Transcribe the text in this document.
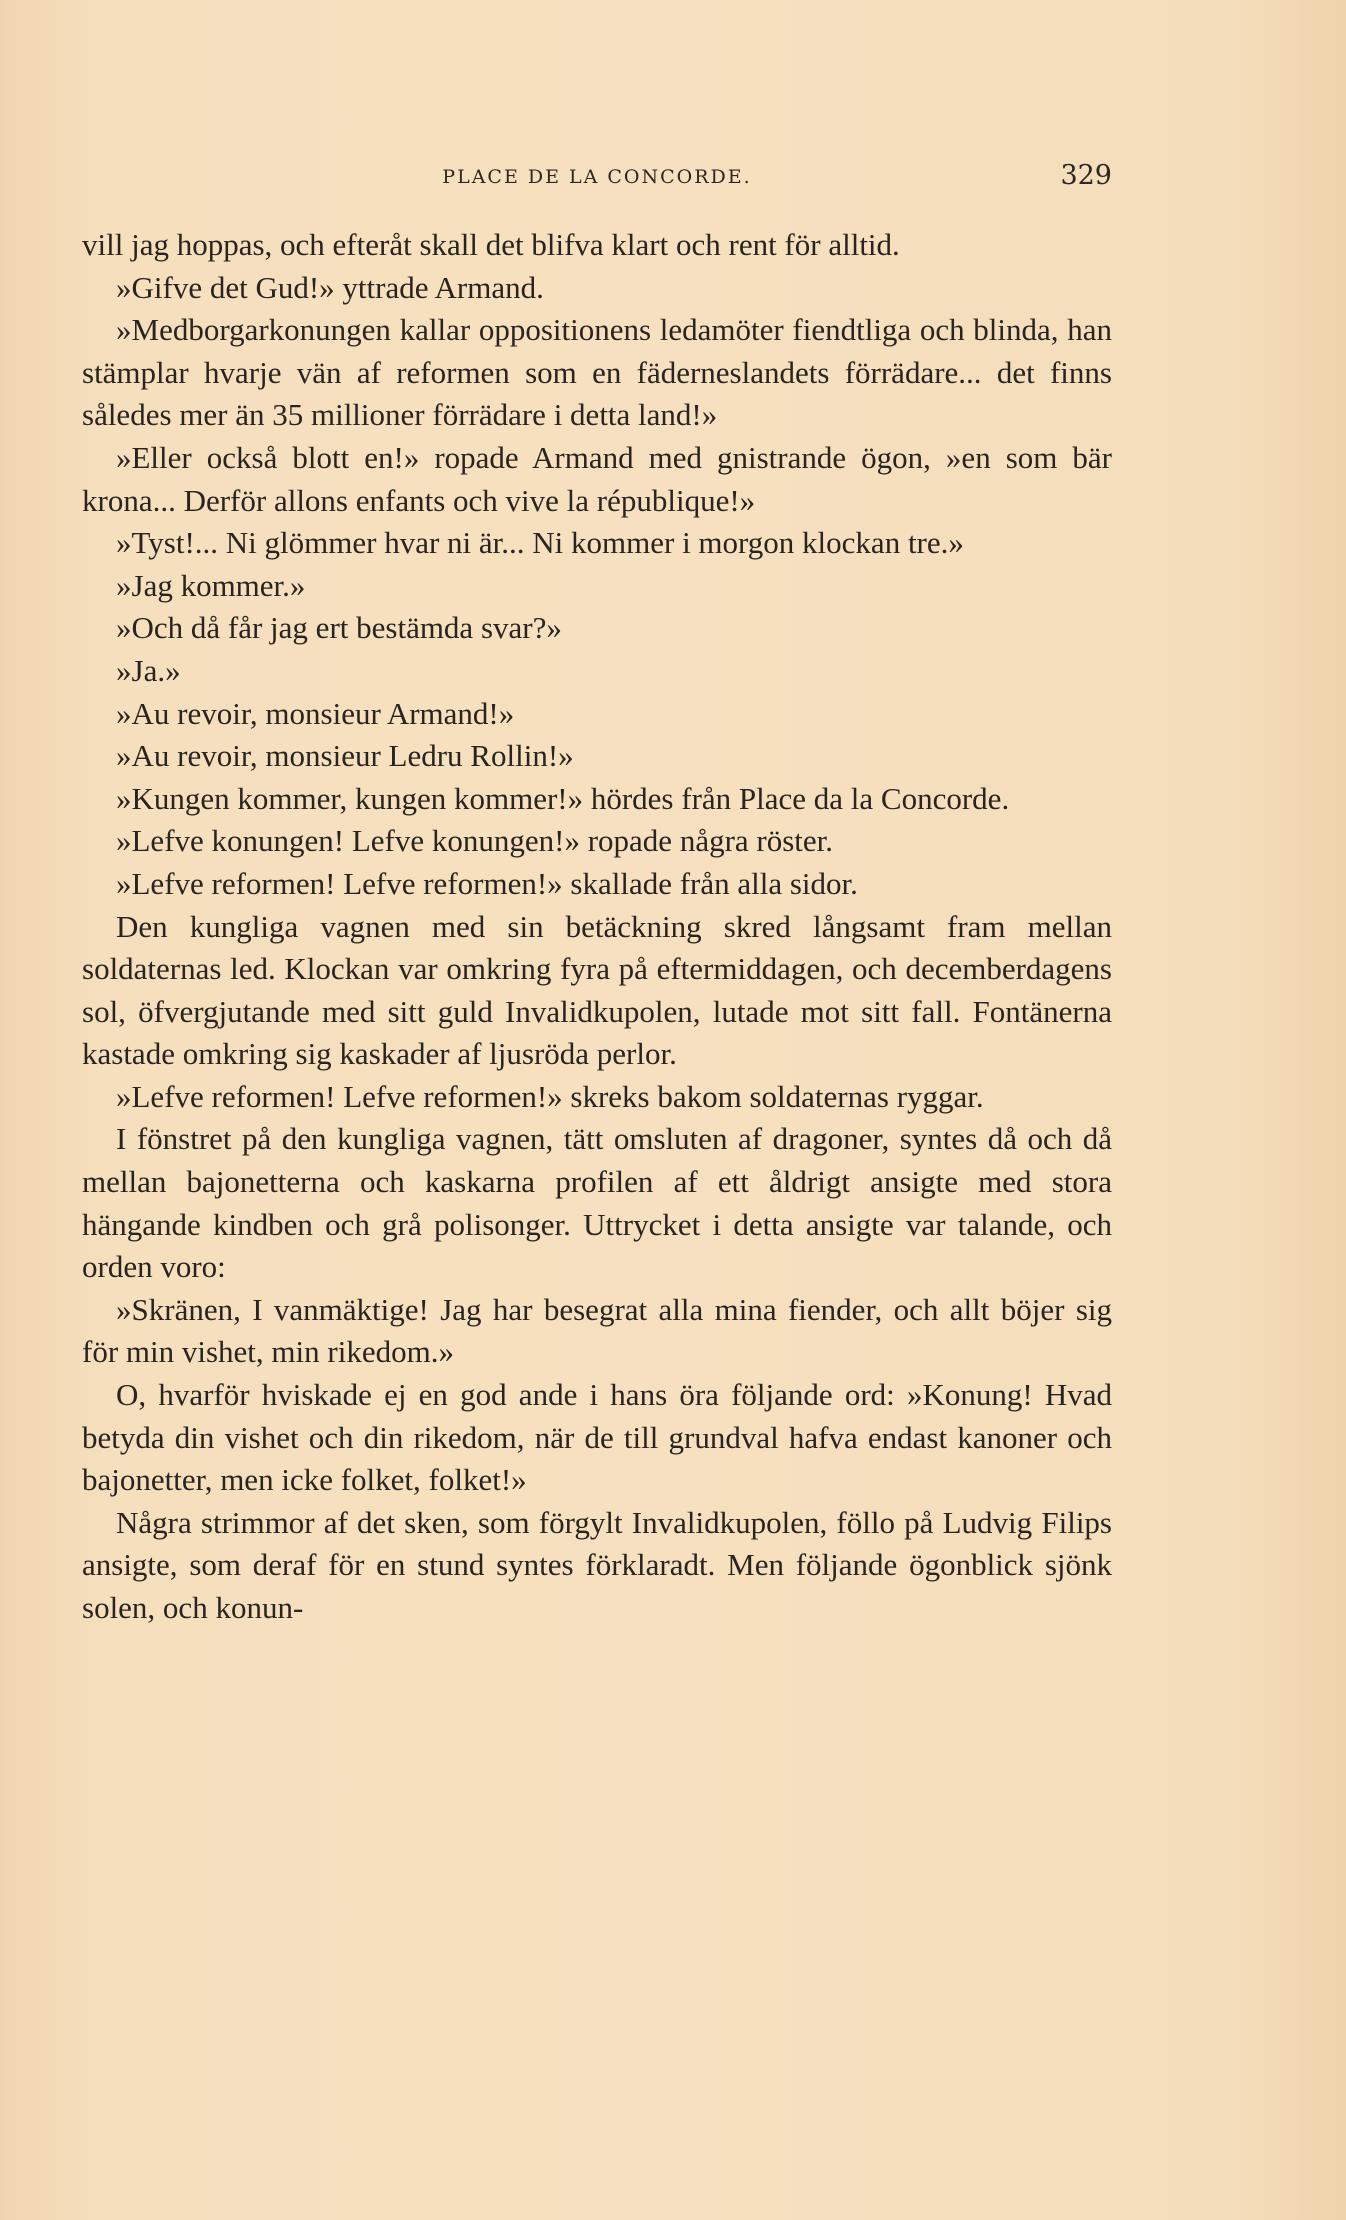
PLACE DE LA CONCORDE.	329

vill jag hoppas, och efteråt skall det blifva klart och rent för alltid.

»Gifve det Gud!» yttrade Armand.

»Medborgarkonungen kallar oppositionens ledamöter fiendtliga och blinda, han stämplar hvarje vän af reformen som en fäderneslandets förrädare... det finns således mer än 35 millioner förrädare i detta land!»

»Eller också blott en!» ropade Armand med gnistrande ögon, »en som bär krona... Derför allons enfants och vive la république!»

»Tyst!... Ni glömmer hvar ni är... Ni kommer i morgon klockan tre.»

»Jag kommer.»

»Och då får jag ert bestämda svar?»

»Ja.»

»Au revoir, monsieur Armand!»

»Au revoir, monsieur Ledru Rollin!»

»Kungen kommer, kungen kommer!» hördes från Place da la Concorde.

»Lefve konungen! Lefve konungen!» ropade några röster.

»Lefve reformen! Lefve reformen!» skallade från alla sidor.

Den kungliga vagnen med sin betäckning skred långsamt fram mellan soldaternas led. Klockan var omkring fyra på eftermiddagen, och decemberdagens sol, öfvergjutande med sitt guld Invalidkupolen, lutade mot sitt fall. Fontänerna kastade omkring sig kaskader af ljusröda perlor.

»Lefve reformen! Lefve reformen!» skreks bakom soldaternas ryggar.

I fönstret på den kungliga vagnen, tätt omsluten af dragoner, syntes då och då mellan bajonetterna och kaskarna profilen af ett åldrigt ansigte med stora hängande kindben och grå polisonger. Uttrycket i detta ansigte var talande, och orden voro:

»Skränen, I vanmäktige! Jag har besegrat alla mina fiender, och allt böjer sig för min vishet, min rikedom.»

O, hvarför hviskade ej en god ande i hans öra följande ord: »Konung! Hvad betyda din vishet och din rikedom, när de till grundval hafva endast kanoner och bajonetter, men icke folket, folket!»

Några strimmor af det sken, som förgylt Invalidkupolen, föllo på Ludvig Filips ansigte, som deraf för en stund syntes förklaradt. Men följande ögonblick sjönk solen, och konun-
